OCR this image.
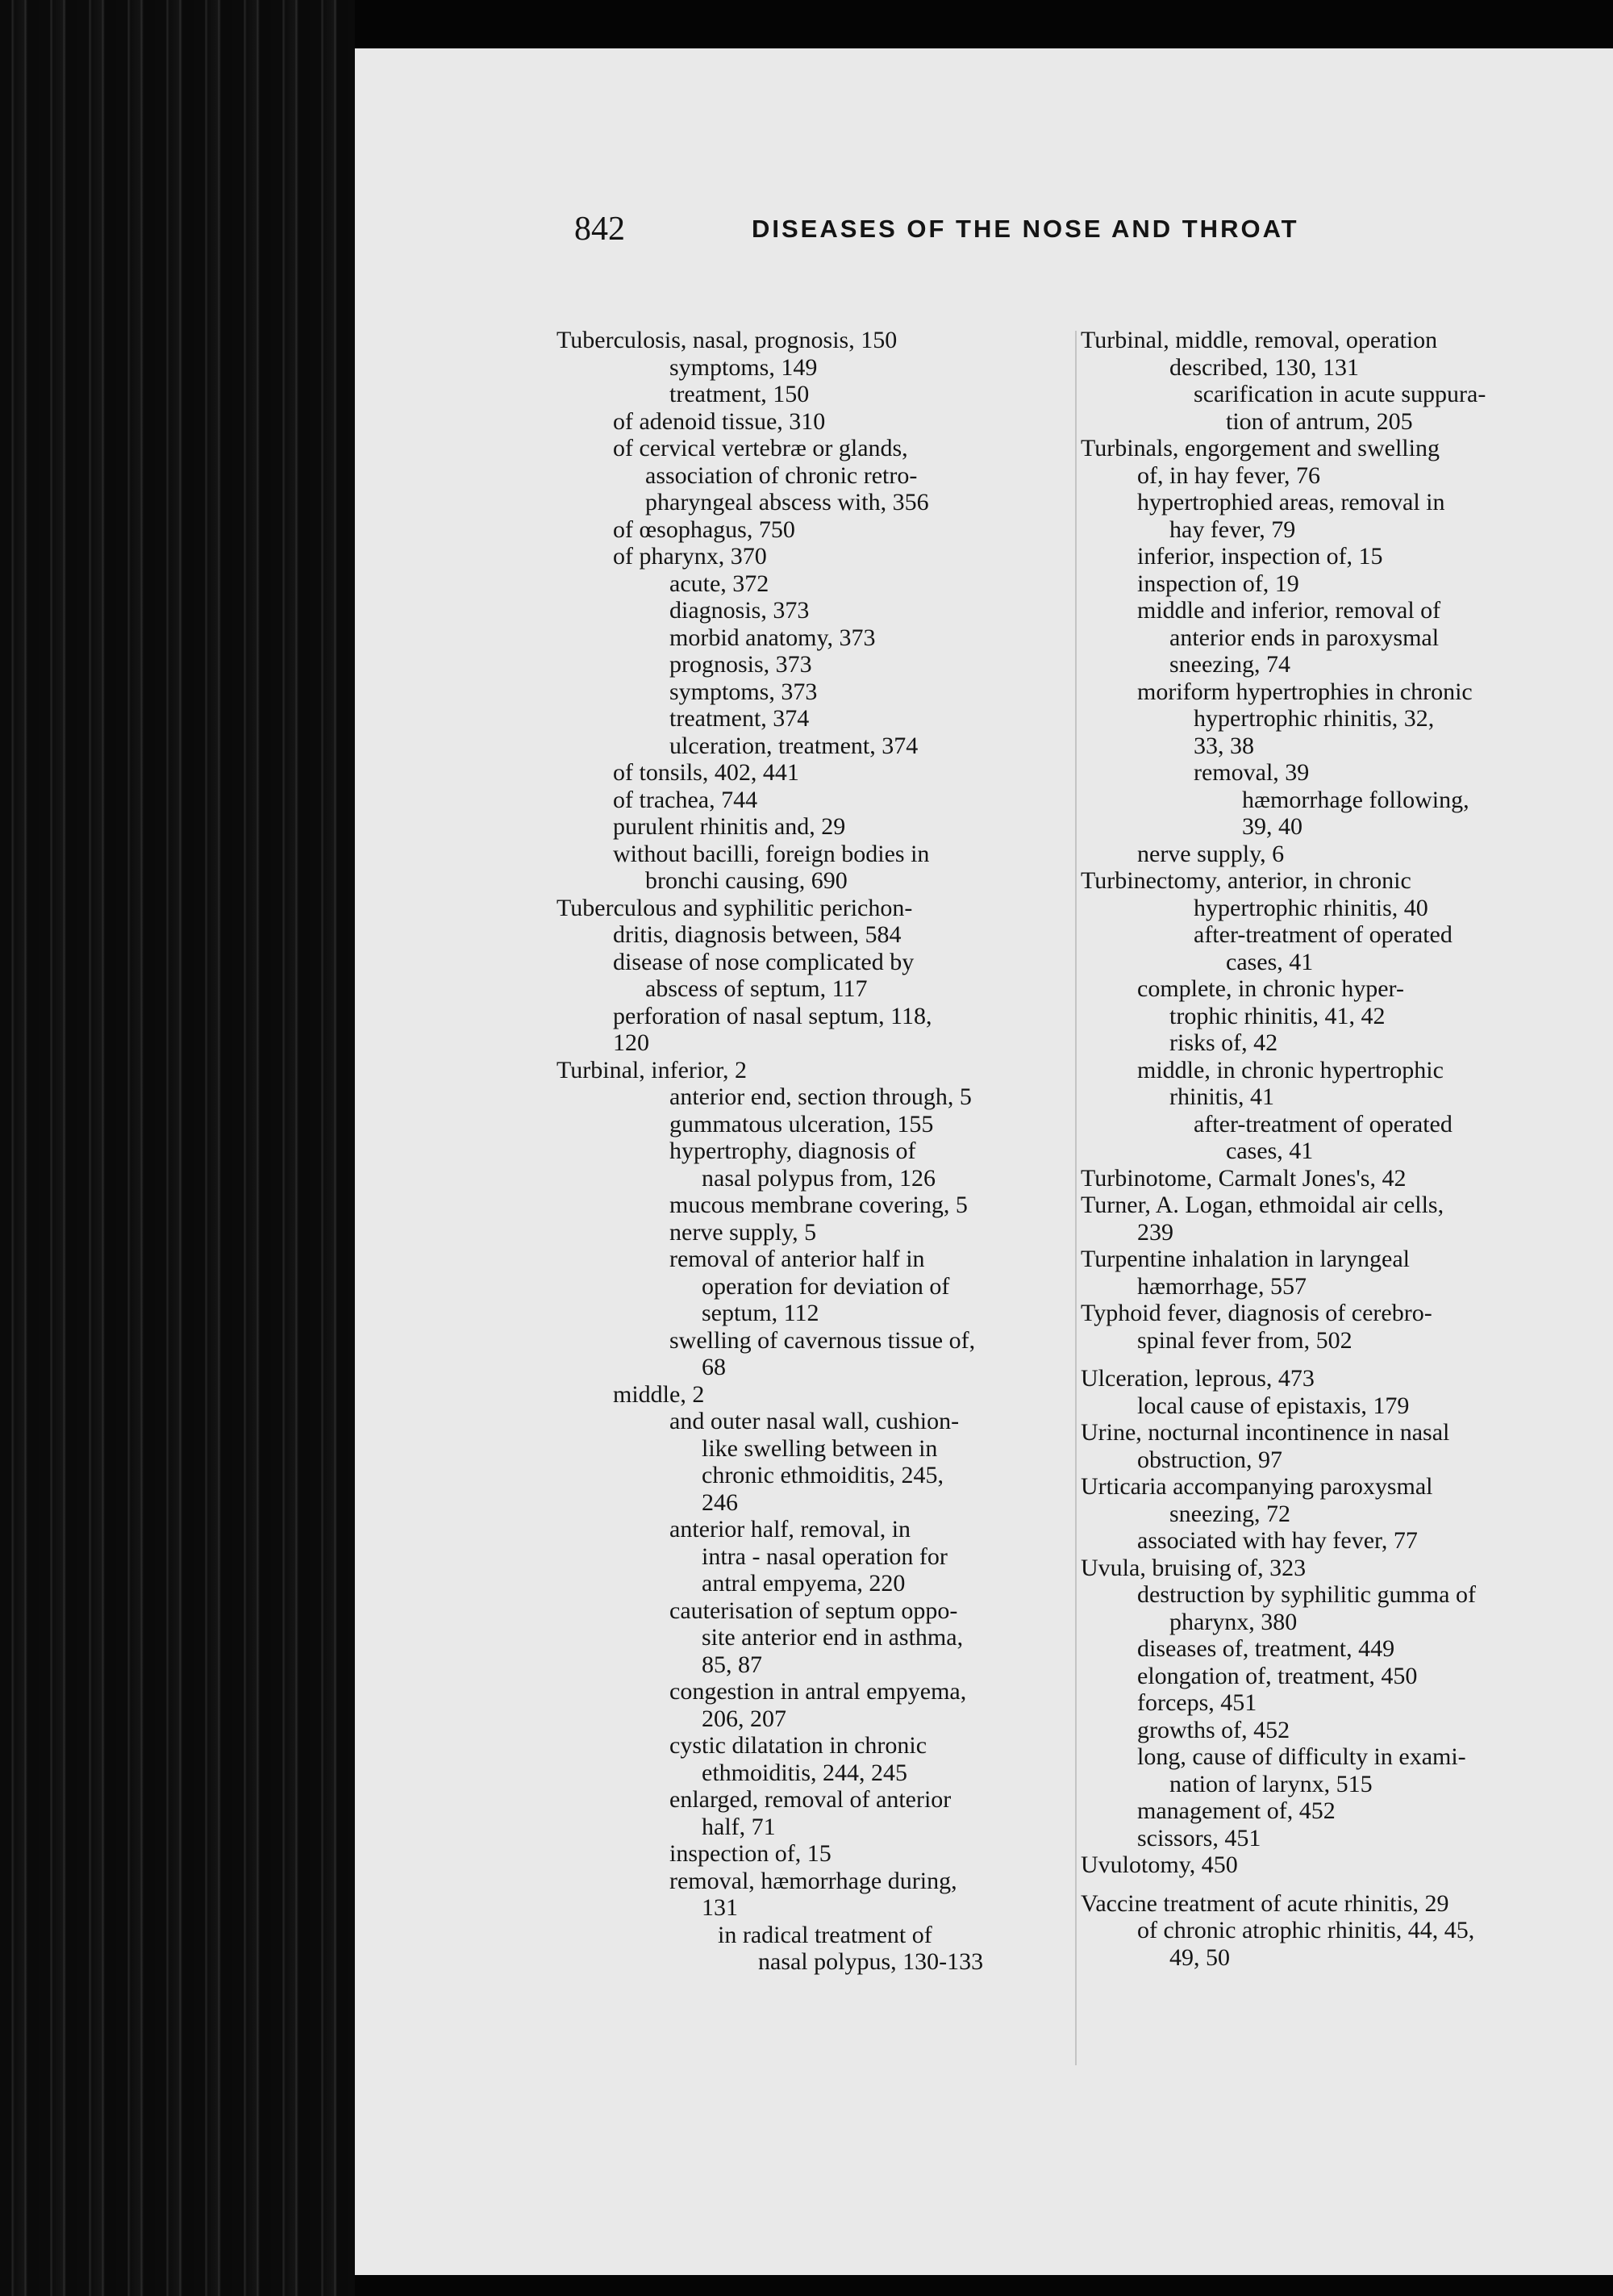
842	DISEASES OF THE NOSE AND THROAT
Tuberculosis, nasal, prognosis, 150
symptoms, 149
treatment, 150
of adenoid tissue, 310
of cervical vertebræ or glands,
association of chronic retro-
pharyngeal abscess with, 356
of œsophagus, 750
of pharynx, 370
acute, 372
diagnosis, 373
morbid anatomy, 373
prognosis, 373
symptoms, 373
treatment, 374
ulceration, treatment, 374
of tonsils, 402, 441
of trachea, 744
purulent rhinitis and, 29
without bacilli, foreign bodies in
bronchi causing, 690
Tuberculous and syphilitic perichon-
dritis, diagnosis between, 584
disease of nose complicated by
abscess of septum, 117
perforation of nasal septum, 118,
120
Turbinal, inferior, 2
anterior end, section through, 5
gummatous ulceration, 155
hypertrophy, diagnosis of
nasal polypus from, 126
mucous membrane covering, 5
nerve supply, 5
removal of anterior half in
operation for deviation of
septum, 112
swelling of cavernous tissue of,
68
middle, 2
and outer nasal wall, cushion-
like swelling between in
chronic ethmoiditis, 245,
246
anterior half, removal, in
intra - nasal operation for
antral empyema, 220
cauterisation of septum oppo-
site anterior end in asthma,
85, 87
congestion in antral empyema,
206, 207
cystic dilatation in chronic
ethmoiditis, 244, 245
enlarged, removal of anterior
half, 71
inspection of, 15
removal, hæmorrhage during,
131
in radical treatment of
nasal polypus, 130-133
Turbinal, middle, removal, operation
described, 130, 131
scarification in acute suppura-
tion of antrum, 205
Turbinals, engorgement and swelling
of, in hay fever, 76
hypertrophied areas, removal in
hay fever, 79
inferior, inspection of, 15
inspection of, 19
middle and inferior, removal of
anterior ends in paroxysmal
sneezing, 74
moriform hypertrophies in chronic
hypertrophic rhinitis, 32,
33, 38
removal, 39
hæmorrhage following,
39, 40
nerve supply, 6
Turbinectomy, anterior, in chronic
hypertrophic rhinitis, 40
after-treatment of operated
cases, 41
complete, in chronic hyper-
trophic rhinitis, 41, 42
risks of, 42
middle, in chronic hypertrophic
rhinitis, 41
after-treatment of operated
cases, 41
Turbinotome, Carmalt Jones's, 42
Turner, A. Logan, ethmoidal air cells,
239
Turpentine inhalation in laryngeal
hæmorrhage, 557
Typhoid fever, diagnosis of cerebro-
spinal fever from, 502
Ulceration, leprous, 473
local cause of epistaxis, 179
Urine, nocturnal incontinence in nasal
obstruction, 97
Urticaria accompanying paroxysmal
sneezing, 72
associated with hay fever, 77
Uvula, bruising of, 323
destruction by syphilitic gumma of
pharynx, 380
diseases of, treatment, 449
elongation of, treatment, 450
forceps, 451
growths of, 452
long, cause of difficulty in exami-
nation of larynx, 515
management of, 452
scissors, 451
Uvulotomy, 450
Vaccine treatment of acute rhinitis, 29
of chronic atrophic rhinitis, 44, 45,
49, 50
